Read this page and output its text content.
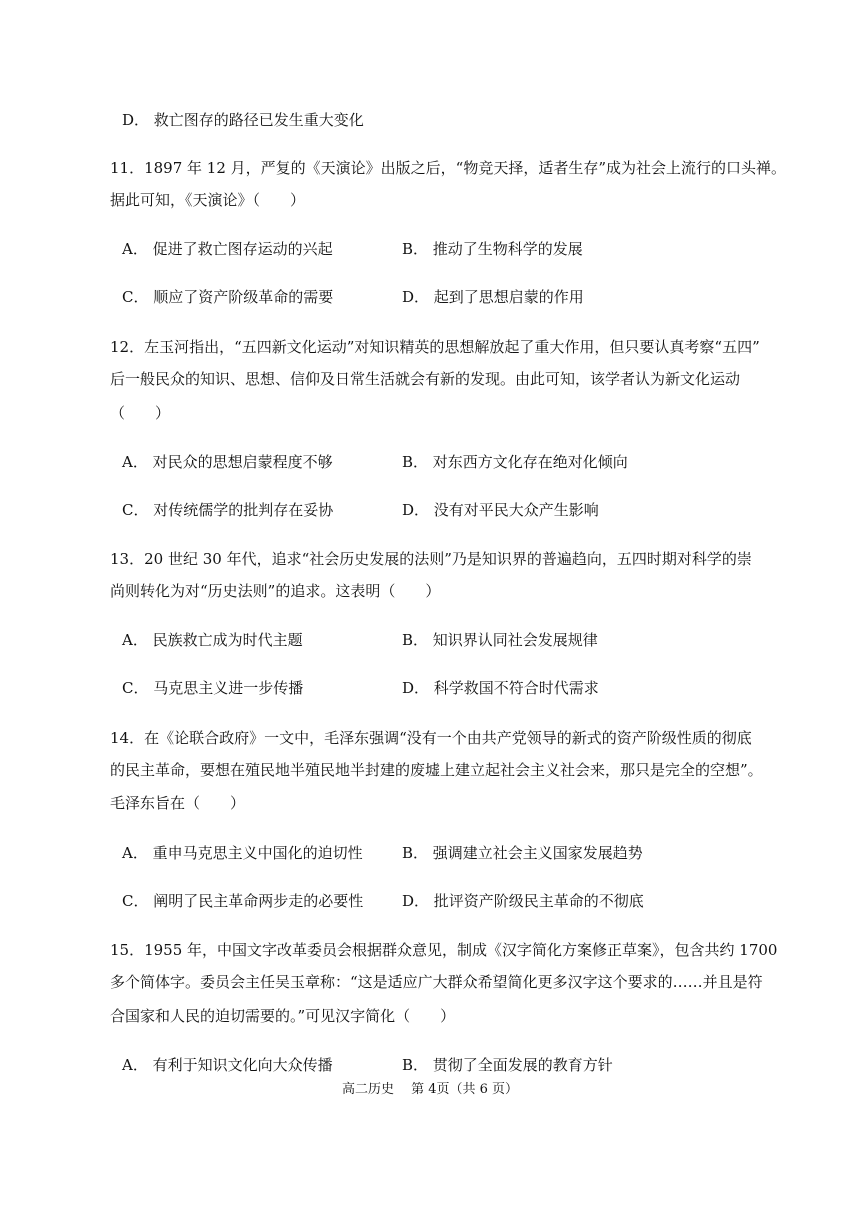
D． 救亡图存的路径已发生重大变化
11．1897 年 12 月，严复的《天演论》出版之后，“物竞天择，适者生存”成为社会上流行的口头禅。
据此可知，《天演论》（　　）
A． 促进了救亡图存运动的兴起	B． 推动了生物科学的发展
C． 顺应了资产阶级革命的需要	D． 起到了思想启蒙的作用
12．左玉河指出，“五四新文化运动”对知识精英的思想解放起了重大作用，但只要认真考察“五四”
后一般民众的知识、思想、信仰及日常生活就会有新的发现。由此可知，该学者认为新文化运动
（　　）
A． 对民众的思想启蒙程度不够	B． 对东西方文化存在绝对化倾向
C． 对传统儒学的批判存在妥协	D． 没有对平民大众产生影响
13．20 世纪 30 年代，追求“社会历史发展的法则”乃是知识界的普遍趋向，五四时期对科学的崇
尚则转化为对“历史法则”的追求。这表明（　　）
A． 民族救亡成为时代主题	B． 知识界认同社会发展规律
C． 马克思主义进一步传播	D． 科学救国不符合时代需求
14．在《论联合政府》一文中，毛泽东强调“没有一个由共产党领导的新式的资产阶级性质的彻底
的民主革命，要想在殖民地半殖民地半封建的废墟上建立起社会主义社会来，那只是完全的空想”。
毛泽东旨在（　　）
A． 重申马克思主义中国化的迫切性	B． 强调建立社会主义国家发展趋势
C． 阐明了民主革命两步走的必要性	D． 批评资产阶级民主革命的不彻底
15．1955 年，中国文字改革委员会根据群众意见，制成《汉字简化方案修正草案》，包含共约 1700
多个简体字。委员会主任吴玉章称：“这是适应广大群众希望简化更多汉字这个要求的……并且是符
合国家和人民的迫切需要的。”可见汉字简化（　　）
A． 有利于知识文化向大众传播	B． 贯彻了全面发展的教育方针
高二历史　 第 4页（共 6 页）
